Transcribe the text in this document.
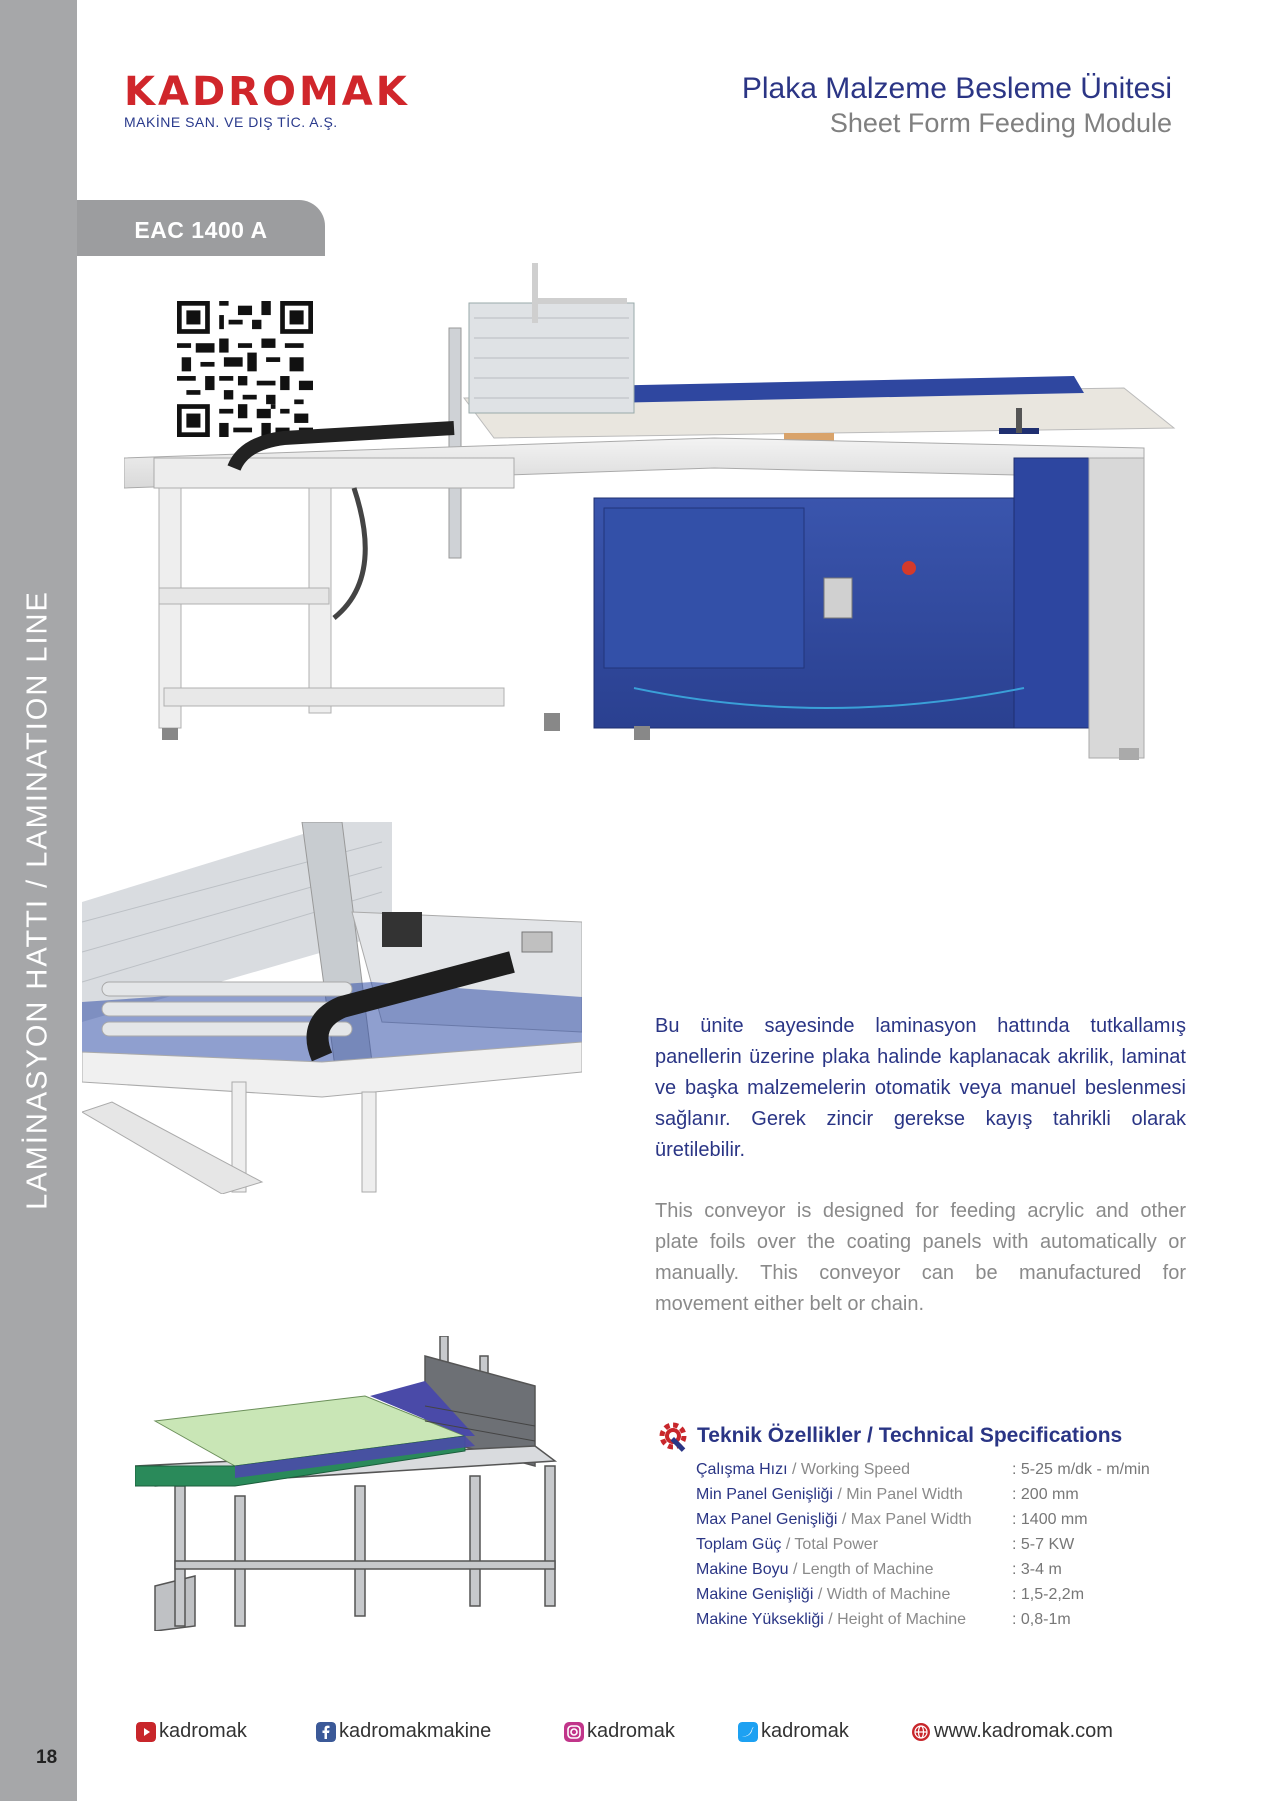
LAMİNASYON HATTI / LAMINATION LINE
18
KADROMAK
MAKİNE SAN. VE DIŞ TİC. A.Ş.
Plaka Malzeme Besleme Ünitesi
Sheet Form Feeding Module
EAC 1400 A

Bu ünite sayesinde laminasyon hattında tutkallamış panellerin üzerine plaka halinde kaplanacak akrilik, laminat ve başka malzemelerin otomatik veya manuel beslenmesi sağlanır. Gerek zincir gerekse kayış tahrikli olarak üretilebilir.

This conveyor is designed for feeding acrylic and other plate foils over the coating panels with automatically or manually. This conveyor can be manufactured for movement either belt or chain.

Teknik Özellikler / Technical Specifications
Çalışma Hızı / Working Speed	: 5-25 m/dk - m/min
Min Panel Genişliği / Min Panel Width	: 200 mm
Max Panel Genişliği / Max Panel Width	: 1400 mm
Toplam Güç / Total Power	: 5-7 KW
Makine Boyu / Length of Machine	: 3-4 m
Makine Genişliği / Width of Machine	: 1,5-2,2m
Makine Yüksekliği / Height of Machine	: 0,8-1m
kadromak	kadromakmakine	kadromak	kadromak	www.kadromak.com
